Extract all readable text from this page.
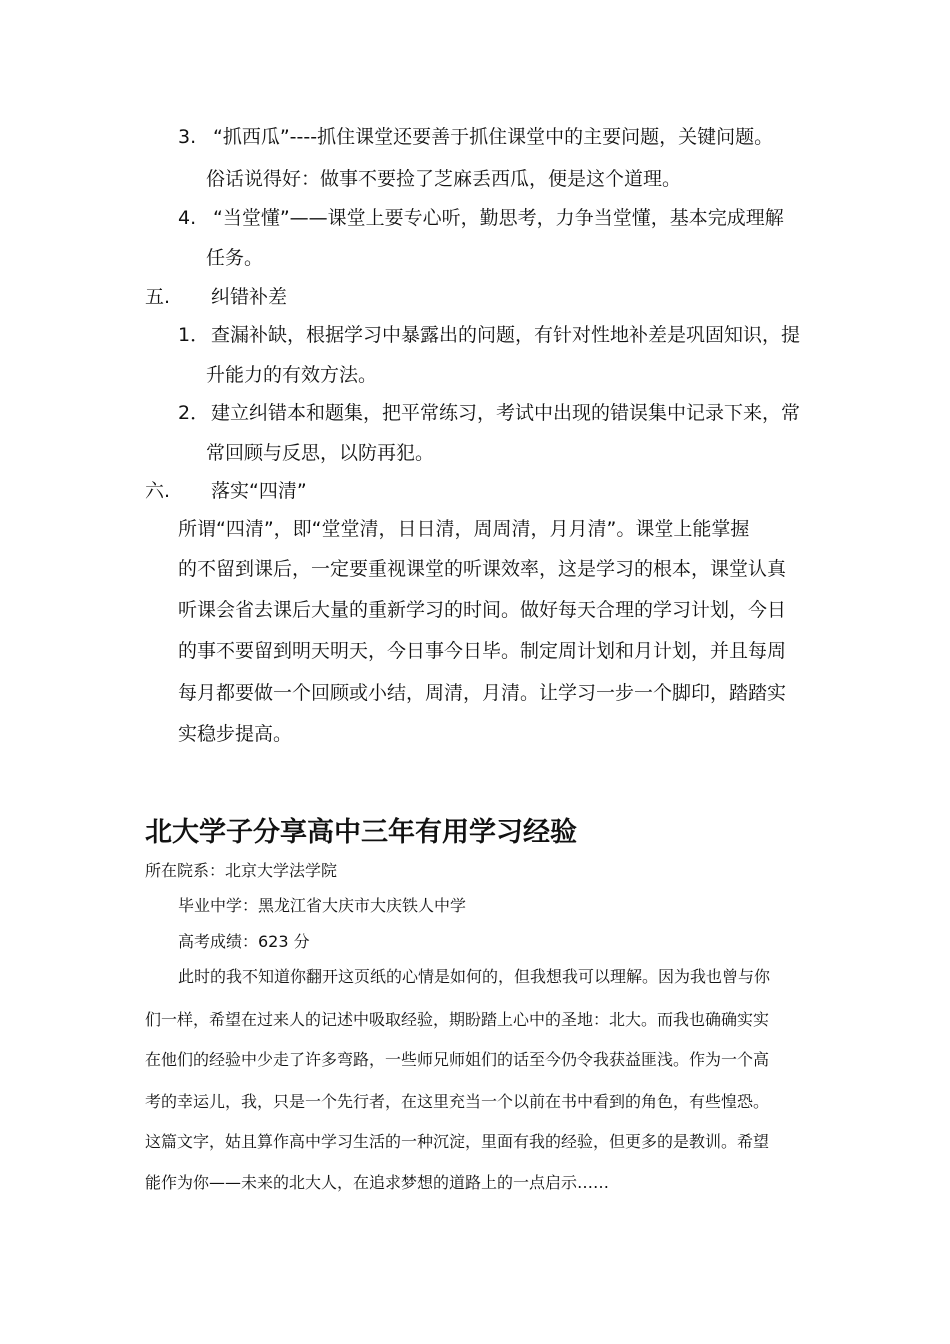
3. “抓西瓜”----抓住课堂还要善于抓住课堂中的主要问题，关键问题。
俗话说得好：做事不要捡了芝麻丢西瓜，便是这个道理。
4. “当堂懂”——课堂上要专心听，勤思考，力争当堂懂，基本完成理解
任务。
五. 纠错补差
1． 查漏补缺，根据学习中暴露出的问题，有针对性地补差是巩固知识，提
升能力的有效方法。
2． 建立纠错本和题集，把平常练习，考试中出现的错误集中记录下来，常
常回顾与反思，以防再犯。
六. 落实“四清”
所谓“四清”，即“堂堂清，日日清，周周清，月月清”。课堂上能掌握
的不留到课后，一定要重视课堂的听课效率，这是学习的根本，课堂认真
听课会省去课后大量的重新学习的时间。做好每天合理的学习计划，今日
的事不要留到明天明天，今日事今日毕。制定周计划和月计划，并且每周
每月都要做一个回顾或小结，周清，月清。让学习一步一个脚印，踏踏实
实稳步提高。
北大学子分享高中三年有用学习经验
所在院系：北京大学法学院
毕业中学：黑龙江省大庆市大庆铁人中学
高考成绩：623 分
此时的我不知道你翻开这页纸的心情是如何的，但我想我可以理解。因为我也曾与你
们一样，希望在过来人的记述中吸取经验，期盼踏上心中的圣地：北大。而我也确确实实
在他们的经验中少走了许多弯路，一些师兄师姐们的话至今仍令我获益匪浅。作为一个高
考的幸运儿，我，只是一个先行者，在这里充当一个以前在书中看到的角色，有些惶恐。
这篇文字，姑且算作高中学习生活的一种沉淀，里面有我的经验，但更多的是教训。希望
能作为你——未来的北大人，在追求梦想的道路上的一点启示……
